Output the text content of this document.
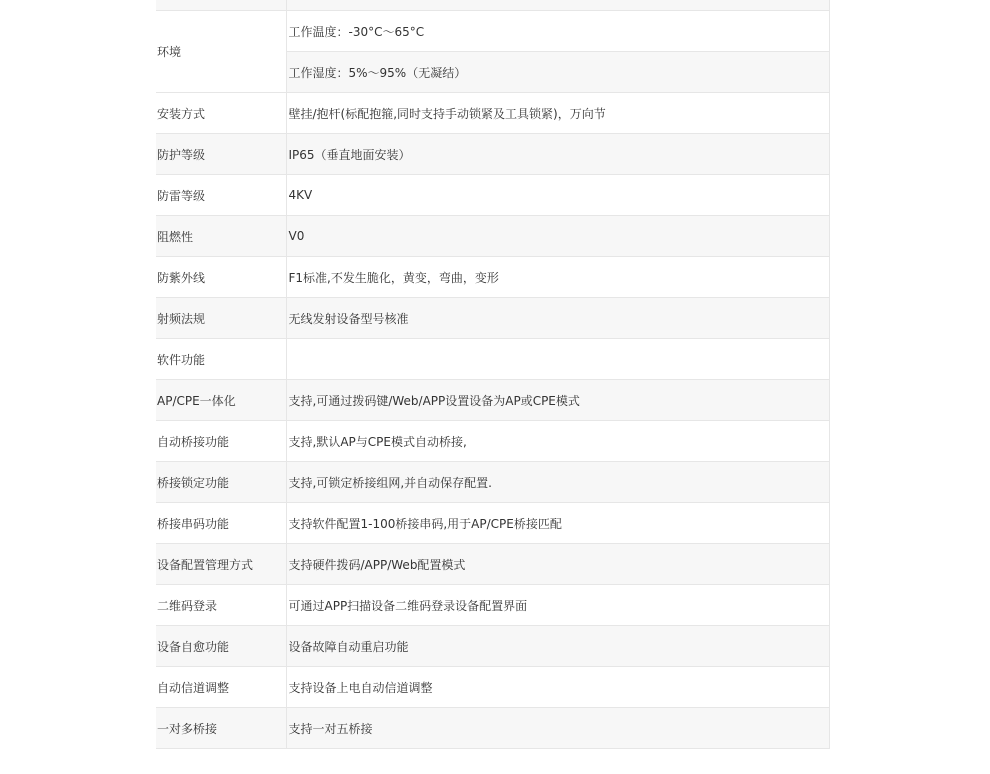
环境	工作温度：-30°C～65°C
	工作湿度：5%～95%（无凝结）
安装方式	壁挂/抱杆(标配抱箍,同时支持手动锁紧及工具锁紧)，万向节
防护等级	IP65（垂直地面安装）
防雷等级	4KV
阻燃性	V0
防紫外线	F1标准,不发生脆化，黄变，弯曲，变形
射频法规	无线发射设备型号核准
软件功能	
AP/CPE一体化	支持,可通过拨码键/Web/APP设置设备为AP或CPE模式
自动桥接功能	支持,默认AP与CPE模式自动桥接,
桥接锁定功能	支持,可锁定桥接组网,并自动保存配置.
桥接串码功能	支持软件配置1-100桥接串码,用于AP/CPE桥接匹配
设备配置管理方式	支持硬件拨码/APP/Web配置模式
二维码登录	可通过APP扫描设备二维码登录设备配置界面
设备自愈功能	设备故障自动重启功能
自动信道调整	支持设备上电自动信道调整
一对多桥接	支持一对五桥接
